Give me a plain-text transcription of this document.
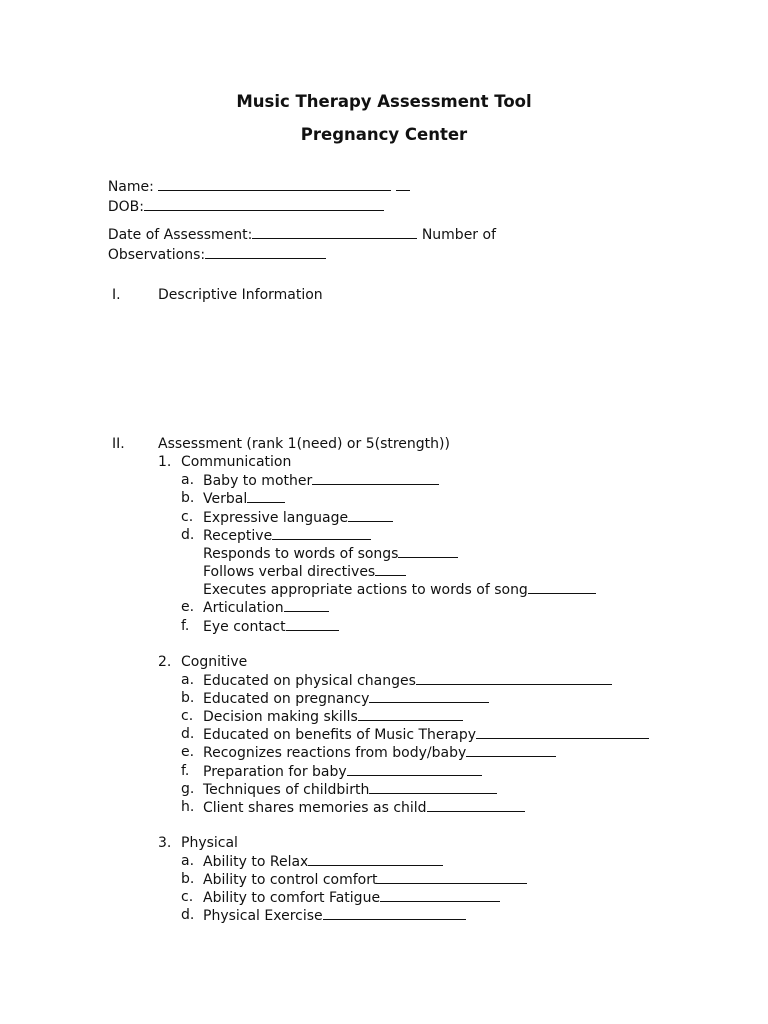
Music Therapy Assessment Tool
Pregnancy Center

Name:

DOB:

Date of Assessment:	Number of

Observations:

I.	Descriptive Information
II. Assessment (rank 1(need) or 5(strength))
1. Communication
a. Baby to mother
b. Verbal
c. Expressive language
d. Receptive
Responds to words of songs
Follows verbal directives
Executes appropriate actions to words of song
e. Articulation
f. Eye contact
2. Cognitive
a. Educated on physical changes
b. Educated on pregnancy
c. Decision making skills
d. Educated on benefits of Music Therapy
e. Recognizes reactions from body/baby
f. Preparation for baby
g. Techniques of childbirth
h. Client shares memories as child
3. Physical
a. Ability to Relax
b. Ability to control comfort
c. Ability to comfort Fatigue
d. Physical Exercise
